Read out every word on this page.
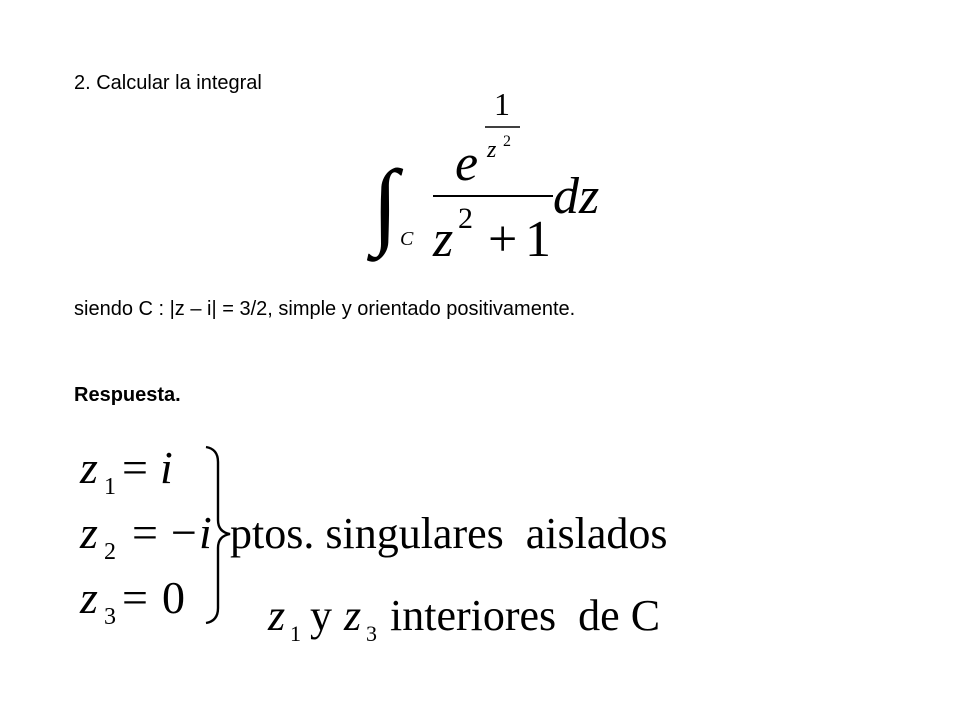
2. Calcular la integral
∫ C
1
z 2
e
z 2 + 1
dz
siendo C : |z – i| = 3/2, simple y orientado positivamente.
Respuesta.
z 1 = i
z 2 = −i
z 3 = 0
ptos. singulares  aislados
z 1 y z 3 interiores  de C
